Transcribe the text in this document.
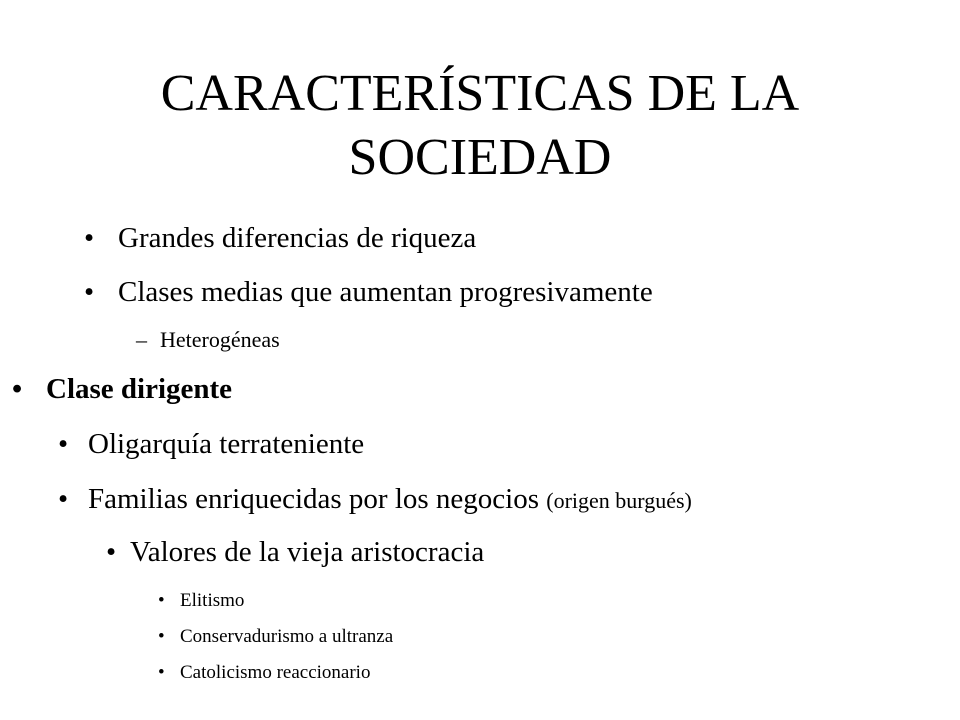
CARACTERÍSTICAS DE LA
SOCIEDAD
• Grandes diferencias de riqueza
• Clases medias que aumentan progresivamente
– Heterogéneas
• Clase dirigente
• Oligarquía terrateniente
• Familias enriquecidas por los negocios (origen burgués)
• Valores de la vieja aristocracia
• Elitismo
• Conservadurismo a ultranza
• Catolicismo reaccionario
